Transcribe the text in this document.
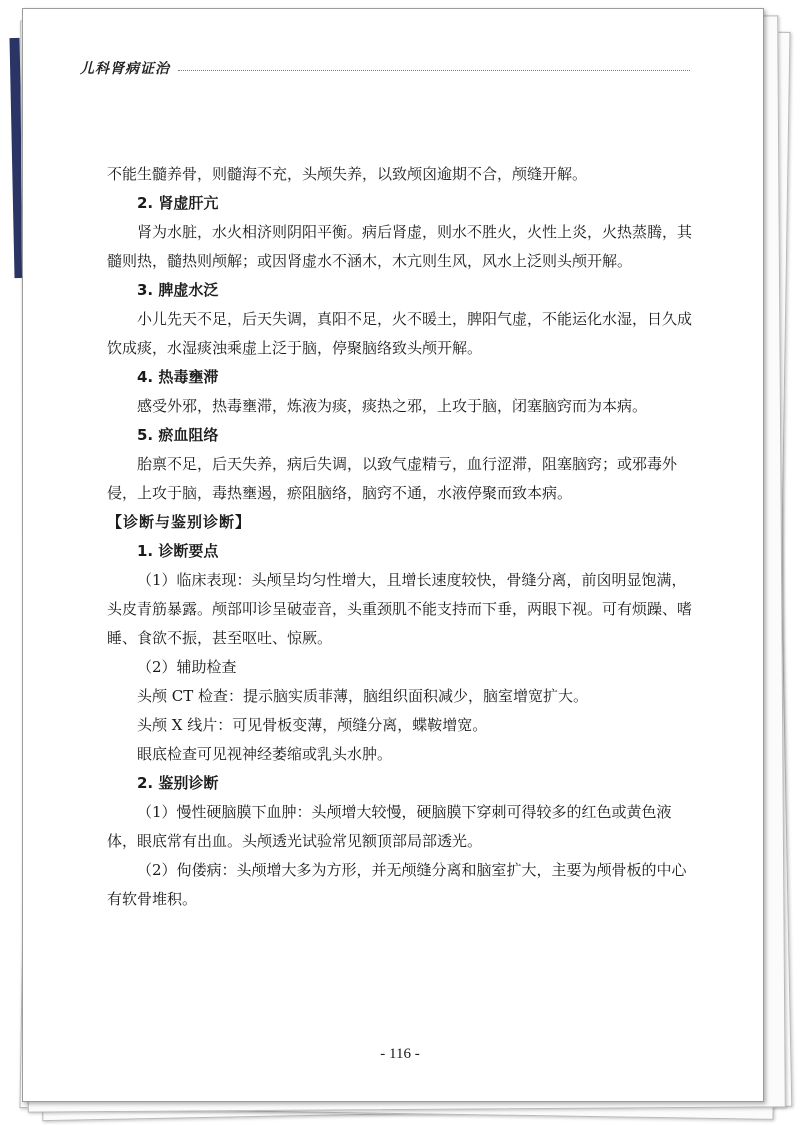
儿科肾病证治

不能生髓养骨，则髓海不充，头颅失养，以致颅囟逾期不合，颅缝开解。

2. 肾虚肝亢

肾为水脏，水火相济则阴阳平衡。病后肾虚，则水不胜火，火性上炎，火热蒸腾，其髓则热，髓热则颅解；或因肾虚水不涵木，木亢则生风，风水上泛则头颅开解。

3. 脾虚水泛

小儿先天不足，后天失调，真阳不足，火不暖土，脾阳气虚，不能运化水湿，日久成饮成痰，水湿痰浊乘虚上泛于脑，停聚脑络致头颅开解。

4. 热毒壅滞

感受外邪，热毒壅滞，炼液为痰，痰热之邪，上攻于脑，闭塞脑窍而为本病。

5. 瘀血阻络

胎禀不足，后天失养，病后失调，以致气虚精亏，血行涩滞，阻塞脑窍；或邪毒外侵，上攻于脑，毒热壅遏，瘀阻脑络，脑窍不通，水液停聚而致本病。

【诊断与鉴别诊断】

1. 诊断要点

（1）临床表现：头颅呈均匀性增大，且增长速度较快，骨缝分离，前囟明显饱满，头皮青筋暴露。颅部叩诊呈破壶音，头重颈肌不能支持而下垂，两眼下视。可有烦躁、嗜睡、食欲不振，甚至呕吐、惊厥。

（2）辅助检查

头颅 CT 检查：提示脑实质菲薄，脑组织面积减少，脑室增宽扩大。

头颅 X 线片：可见骨板变薄，颅缝分离，蝶鞍增宽。

眼底检查可见视神经萎缩或乳头水肿。

2. 鉴别诊断

（1）慢性硬脑膜下血肿：头颅增大较慢，硬脑膜下穿刺可得较多的红色或黄色液体，眼底常有出血。头颅透光试验常见额顶部局部透光。

（2）佝偻病：头颅增大多为方形，并无颅缝分离和脑室扩大，主要为颅骨板的中心有软骨堆积。

- 116 -
